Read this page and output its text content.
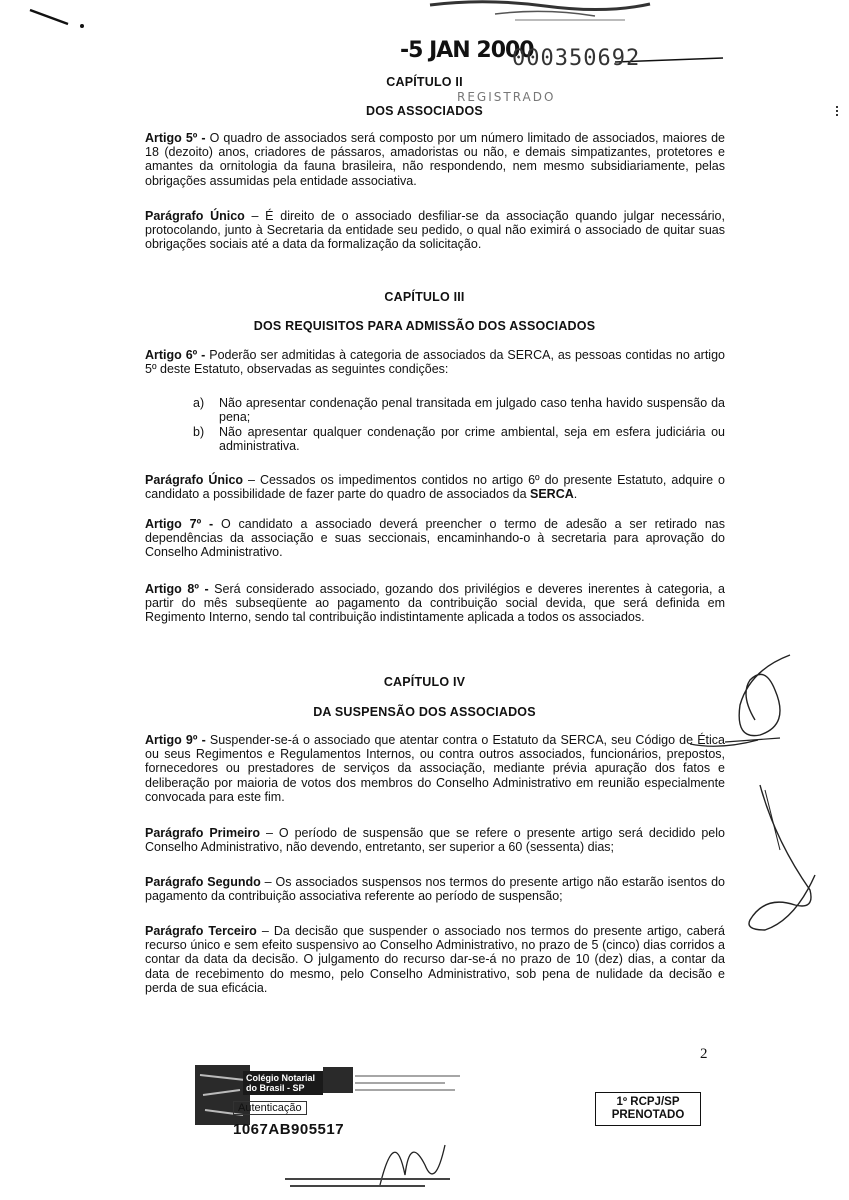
-5 JAN 2000
000350692
REGISTRADO
CAPÍTULO II
DOS ASSOCIADOS
Artigo 5º - O quadro de associados será composto por um número limitado de associados, maiores de 18 (dezoito) anos, criadores de pássaros, amadoristas ou não, e demais simpatizantes, protetores e amantes da ornitologia da fauna brasileira, não respondendo, nem mesmo subsidiariamente, pelas obrigações assumidas pela entidade associativa.
Parágrafo Único – É direito de o associado desfiliar-se da associação quando julgar necessário, protocolando, junto à Secretaria da entidade seu pedido, o qual não eximirá o associado de quitar suas obrigações sociais até a data da formalização da solicitação.
CAPÍTULO III
DOS REQUISITOS PARA ADMISSÃO DOS ASSOCIADOS
Artigo 6º - Poderão ser admitidas à categoria de associados da SERCA, as pessoas contidas no artigo 5º deste Estatuto, observadas as seguintes condições:
a)	Não apresentar condenação penal transitada em julgado caso tenha havido suspensão da pena;
b)	Não apresentar qualquer condenação por crime ambiental, seja em esfera judiciária ou administrativa.
Parágrafo Único – Cessados os impedimentos contidos no artigo 6º do presente Estatuto, adquire o candidato a possibilidade de fazer parte do quadro de associados da SERCA.
Artigo 7º - O candidato a associado deverá preencher o termo de adesão a ser retirado nas dependências da associação e suas seccionais, encaminhando-o à secretaria para aprovação do Conselho Administrativo.
Artigo 8º - Será considerado associado, gozando dos privilégios e deveres inerentes à categoria, a partir do mês subseqüente ao pagamento da contribuição social devida, que será definida em Regimento Interno, sendo tal contribuição indistintamente aplicada a todos os associados.
CAPÍTULO IV
DA SUSPENSÃO DOS ASSOCIADOS
Artigo 9º - Suspender-se-á o associado que atentar contra o Estatuto da SERCA, seu Código de Ética ou seus Regimentos e Regulamentos Internos, ou contra outros associados, funcionários, prepostos, fornecedores ou prestadores de serviços da associação, mediante prévia apuração dos fatos e deliberação por maioria de votos dos membros do Conselho Administrativo em reunião especialmente convocada para este fim.
Parágrafo Primeiro – O período de suspensão que se refere o presente artigo será decidido pelo Conselho Administrativo, não devendo, entretanto, ser superior a 60 (sessenta) dias;
Parágrafo Segundo – Os associados suspensos nos termos do presente artigo não estarão isentos do pagamento da contribuição associativa referente ao período de suspensão;
Parágrafo Terceiro – Da decisão que suspender o associado nos termos do presente artigo, caberá recurso único e sem efeito suspensivo ao Conselho Administrativo, no prazo de 5 (cinco) dias corridos a contar da data da decisão. O julgamento do recurso dar-se-á no prazo de 10 (dez) dias, a contar da data de recebimento do mesmo, pelo Conselho Administrativo, sob pena de nulidade da decisão e perda de sua eficácia.
2
Colégio Notarial do Brasil - SP
Autenticação
1067AB905517
1º RCPJ/SP
PRENOTADO
